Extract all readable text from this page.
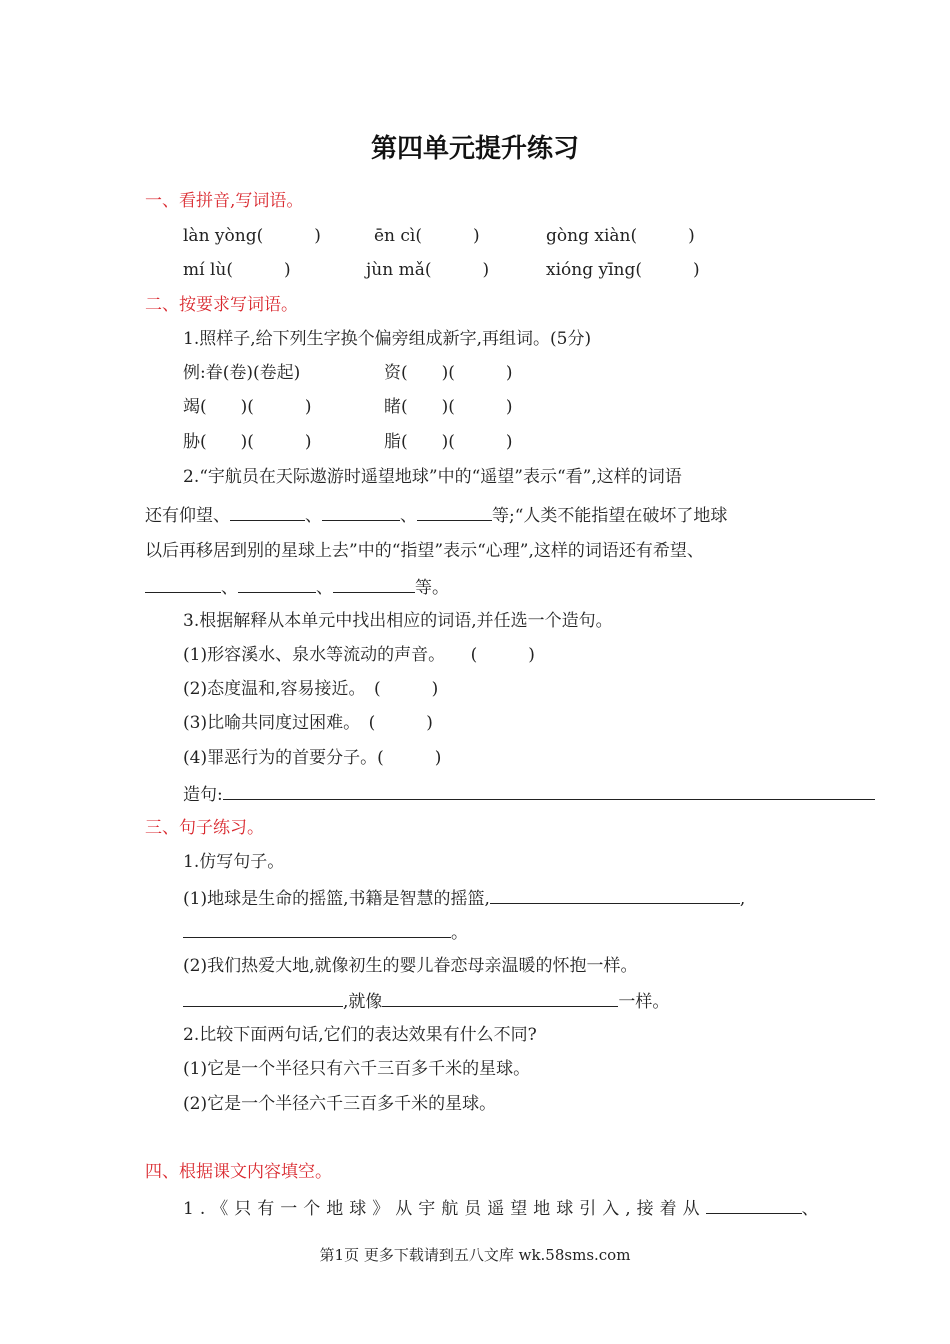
第四单元提升练习
一、看拼音,写词语。
làn yòng(　　　)	ēn cì(　　　)	gòng xiàn(　　　)
mí lù(　　　)	jùn mǎ(　　　)	xióng yīng(　　　)
二、按要求写词语。
1.照样子,给下列生字换个偏旁组成新字,再组词。(5分)
例:眷(卷)(卷起)	资(　　)(　　　)
竭(　　)(　　　)	睹(　　)(　　　)
胁(　　)(　　　)	脂(　　)(　　　)
2.“宇航员在天际遨游时遥望地球”中的“遥望”表示“看”,这样的词语
还有仰望、	、	、	等;“人类不能指望在破坏了地球
以后再移居到别的星球上去”中的“指望”表示“心理”,这样的词语还有希望、
、	、	等。
3.根据解释从本单元中找出相应的词语,并任选一个造句。
(1)形容溪水、泉水等流动的声音。　　(　　　)
(2)态度温和,容易接近。　(　　　)
(3)比喻共同度过困难。　(　　　)
(4)罪恶行为的首要分子。(　　　)
造句:
三、句子练习。
1.仿写句子。
(1)地球是生命的摇篮,书籍是智慧的摇篮,	,
。
(2)我们热爱大地,就像初生的婴儿眷恋母亲温暖的怀抱一样。
,就像	一样。
2.比较下面两句话,它们的表达效果有什么不同?
(1)它是一个半径只有六千三百多千米的星球。
(2)它是一个半径六千三百多千米的星球。
四、根据课文内容填空。
1.《只有一个地球》从宇航员遥望地球引入,接着从	、
第1页 更多下载请到五八文库 wk.58sms.com
